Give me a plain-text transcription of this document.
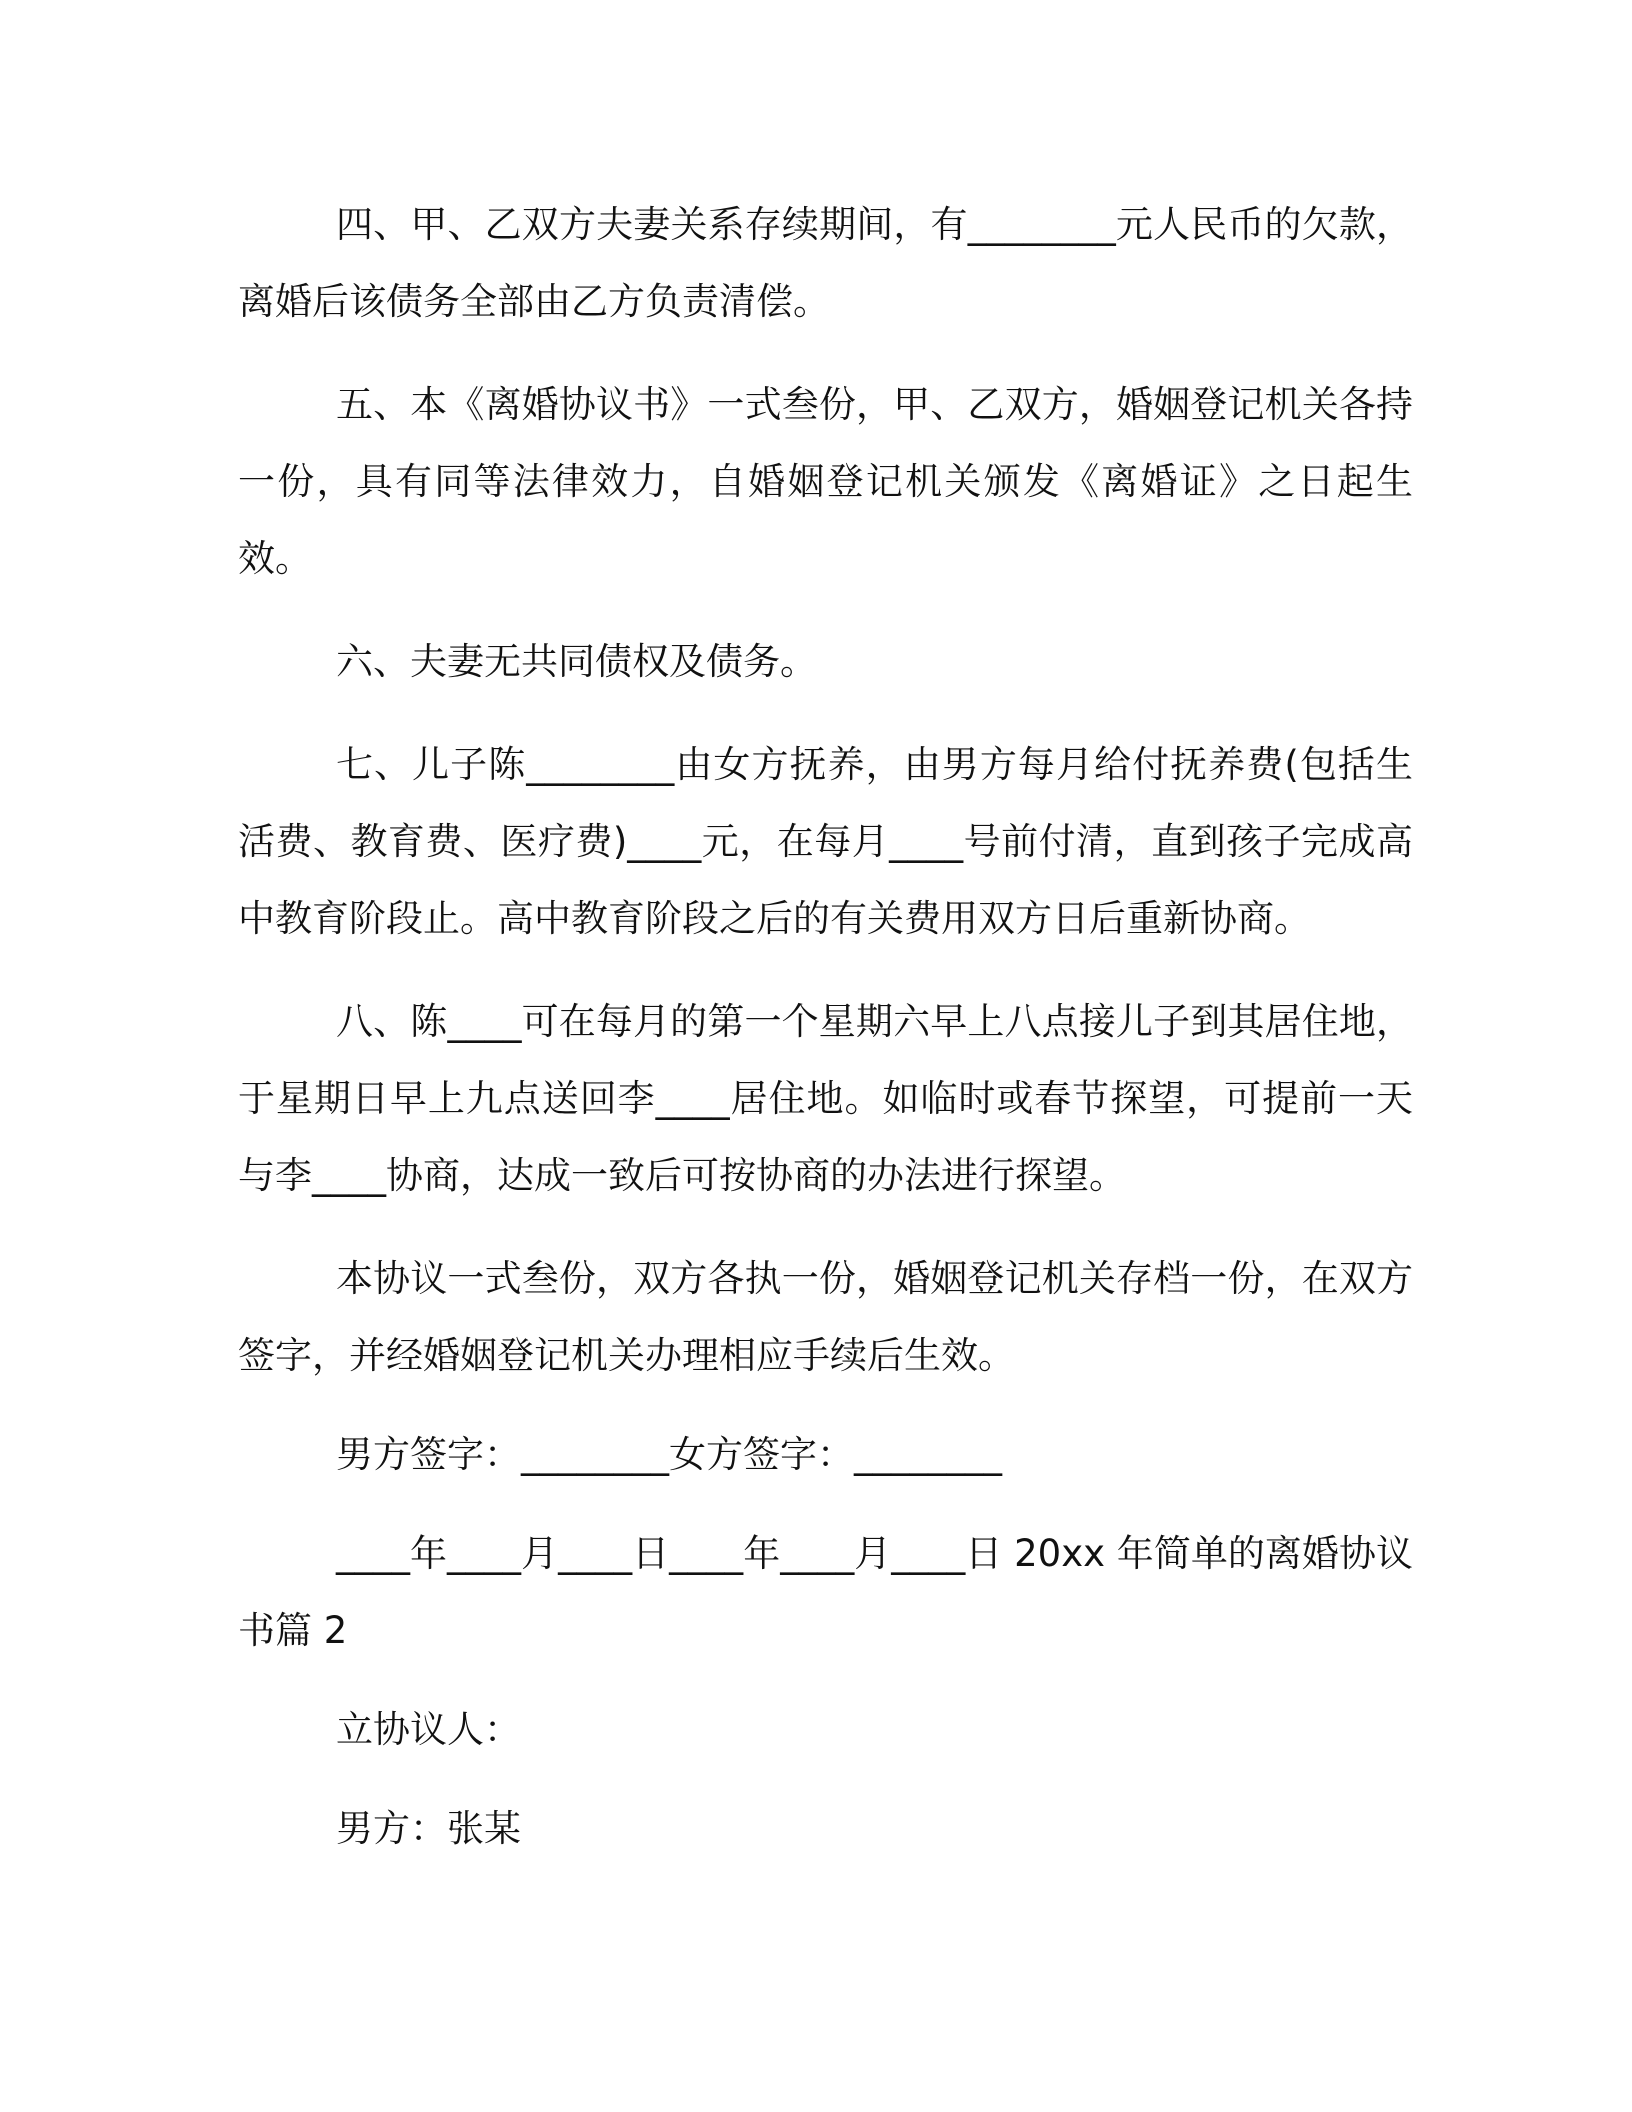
四、甲、乙双方夫妻关系存续期间，有________元人民币的欠款，离婚后该债务全部由乙方负责清偿。

五、本《离婚协议书》一式叁份，甲、乙双方，婚姻登记机关各持一份，具有同等法律效力，自婚姻登记机关颁发《离婚证》之日起生效。

六、夫妻无共同债权及债务。

七、儿子陈________由女方抚养，由男方每月给付抚养费(包括生活费、教育费、医疗费)____元，在每月____号前付清，直到孩子完成高中教育阶段止。高中教育阶段之后的有关费用双方日后重新协商。

八、陈____可在每月的第一个星期六早上八点接儿子到其居住地，于星期日早上九点送回李____居住地。如临时或春节探望，可提前一天与李____协商，达成一致后可按协商的办法进行探望。

本协议一式叁份，双方各执一份，婚姻登记机关存档一份，在双方签字，并经婚姻登记机关办理相应手续后生效。

男方签字：________女方签字：________

____年____月____日____年____月____日 20xx 年简单的离婚协议书篇 2

立协议人：

男方：张某
